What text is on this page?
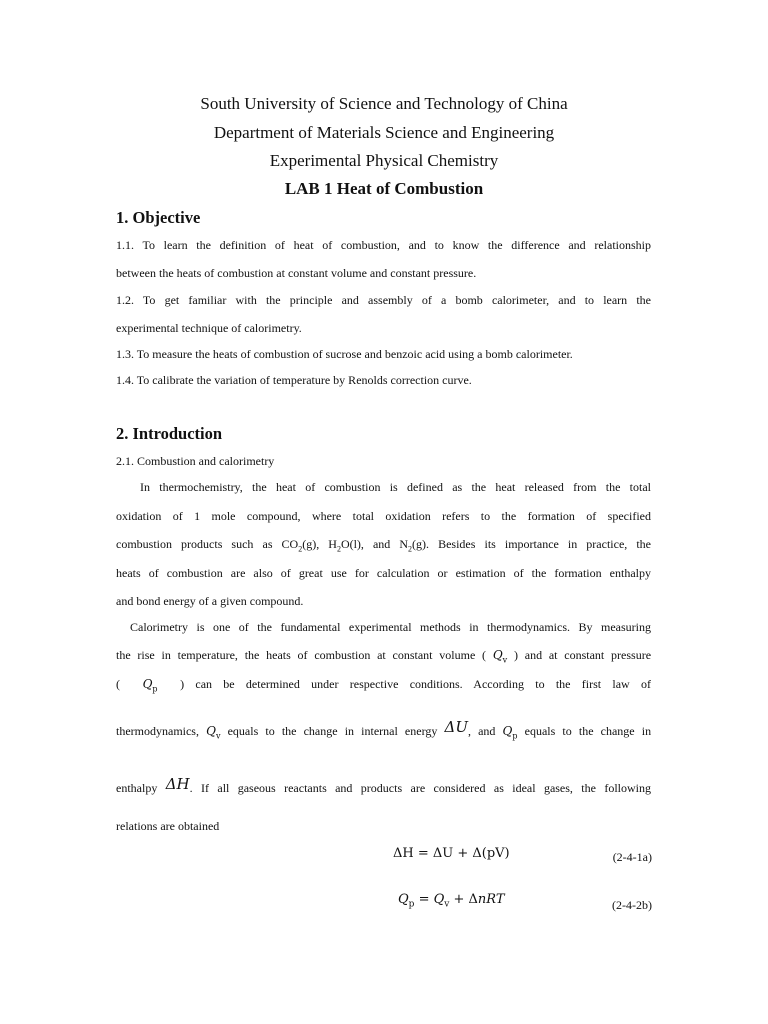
South University of Science and Technology of China
Department of Materials Science and Engineering
Experimental Physical Chemistry
LAB 1 Heat of Combustion
1. Objective
1.1. To learn the definition of heat of combustion, and to know the difference and relationship
between the heats of combustion at constant volume and constant pressure.
1.2. To get familiar with the principle and assembly of a bomb calorimeter, and to learn the
experimental technique of calorimetry.
1.3. To measure the heats of combustion of sucrose and benzoic acid using a bomb calorimeter.
1.4. To calibrate the variation of temperature by Renolds correction curve.
2. Introduction
2.1. Combustion and calorimetry
In thermochemistry, the heat of combustion is defined as the heat released from the total
oxidation of 1 mole compound, where total oxidation refers to the formation of specified
combustion products such as $CO_2(g)$, $H_2O(l)$, and $N_2(g)$. Besides its importance in practice, the
heats of combustion are also of great use for calculation or estimation of the formation enthalpy
and bond energy of a given compound.
Calorimetry is one of the fundamental experimental methods in thermodynamics. By measuring
the rise in temperature, the heats of combustion at constant volume ( $Q_v$ ) and at constant pressure
( $Q_p$ ) can be determined under respective conditions. According to the first law of
thermodynamics, $Q_v$ equals to the change in internal energy ΔU, and $Q_p$ equals to the change in
enthalpy ΔH. If all gaseous reactants and products are considered as ideal gases, the following
relations are obtained
ΔH = ΔU + Δ(pV)	(2-4-1a)
$Q_p = Q_v + \Delta nRT$	(2-4-2b)
